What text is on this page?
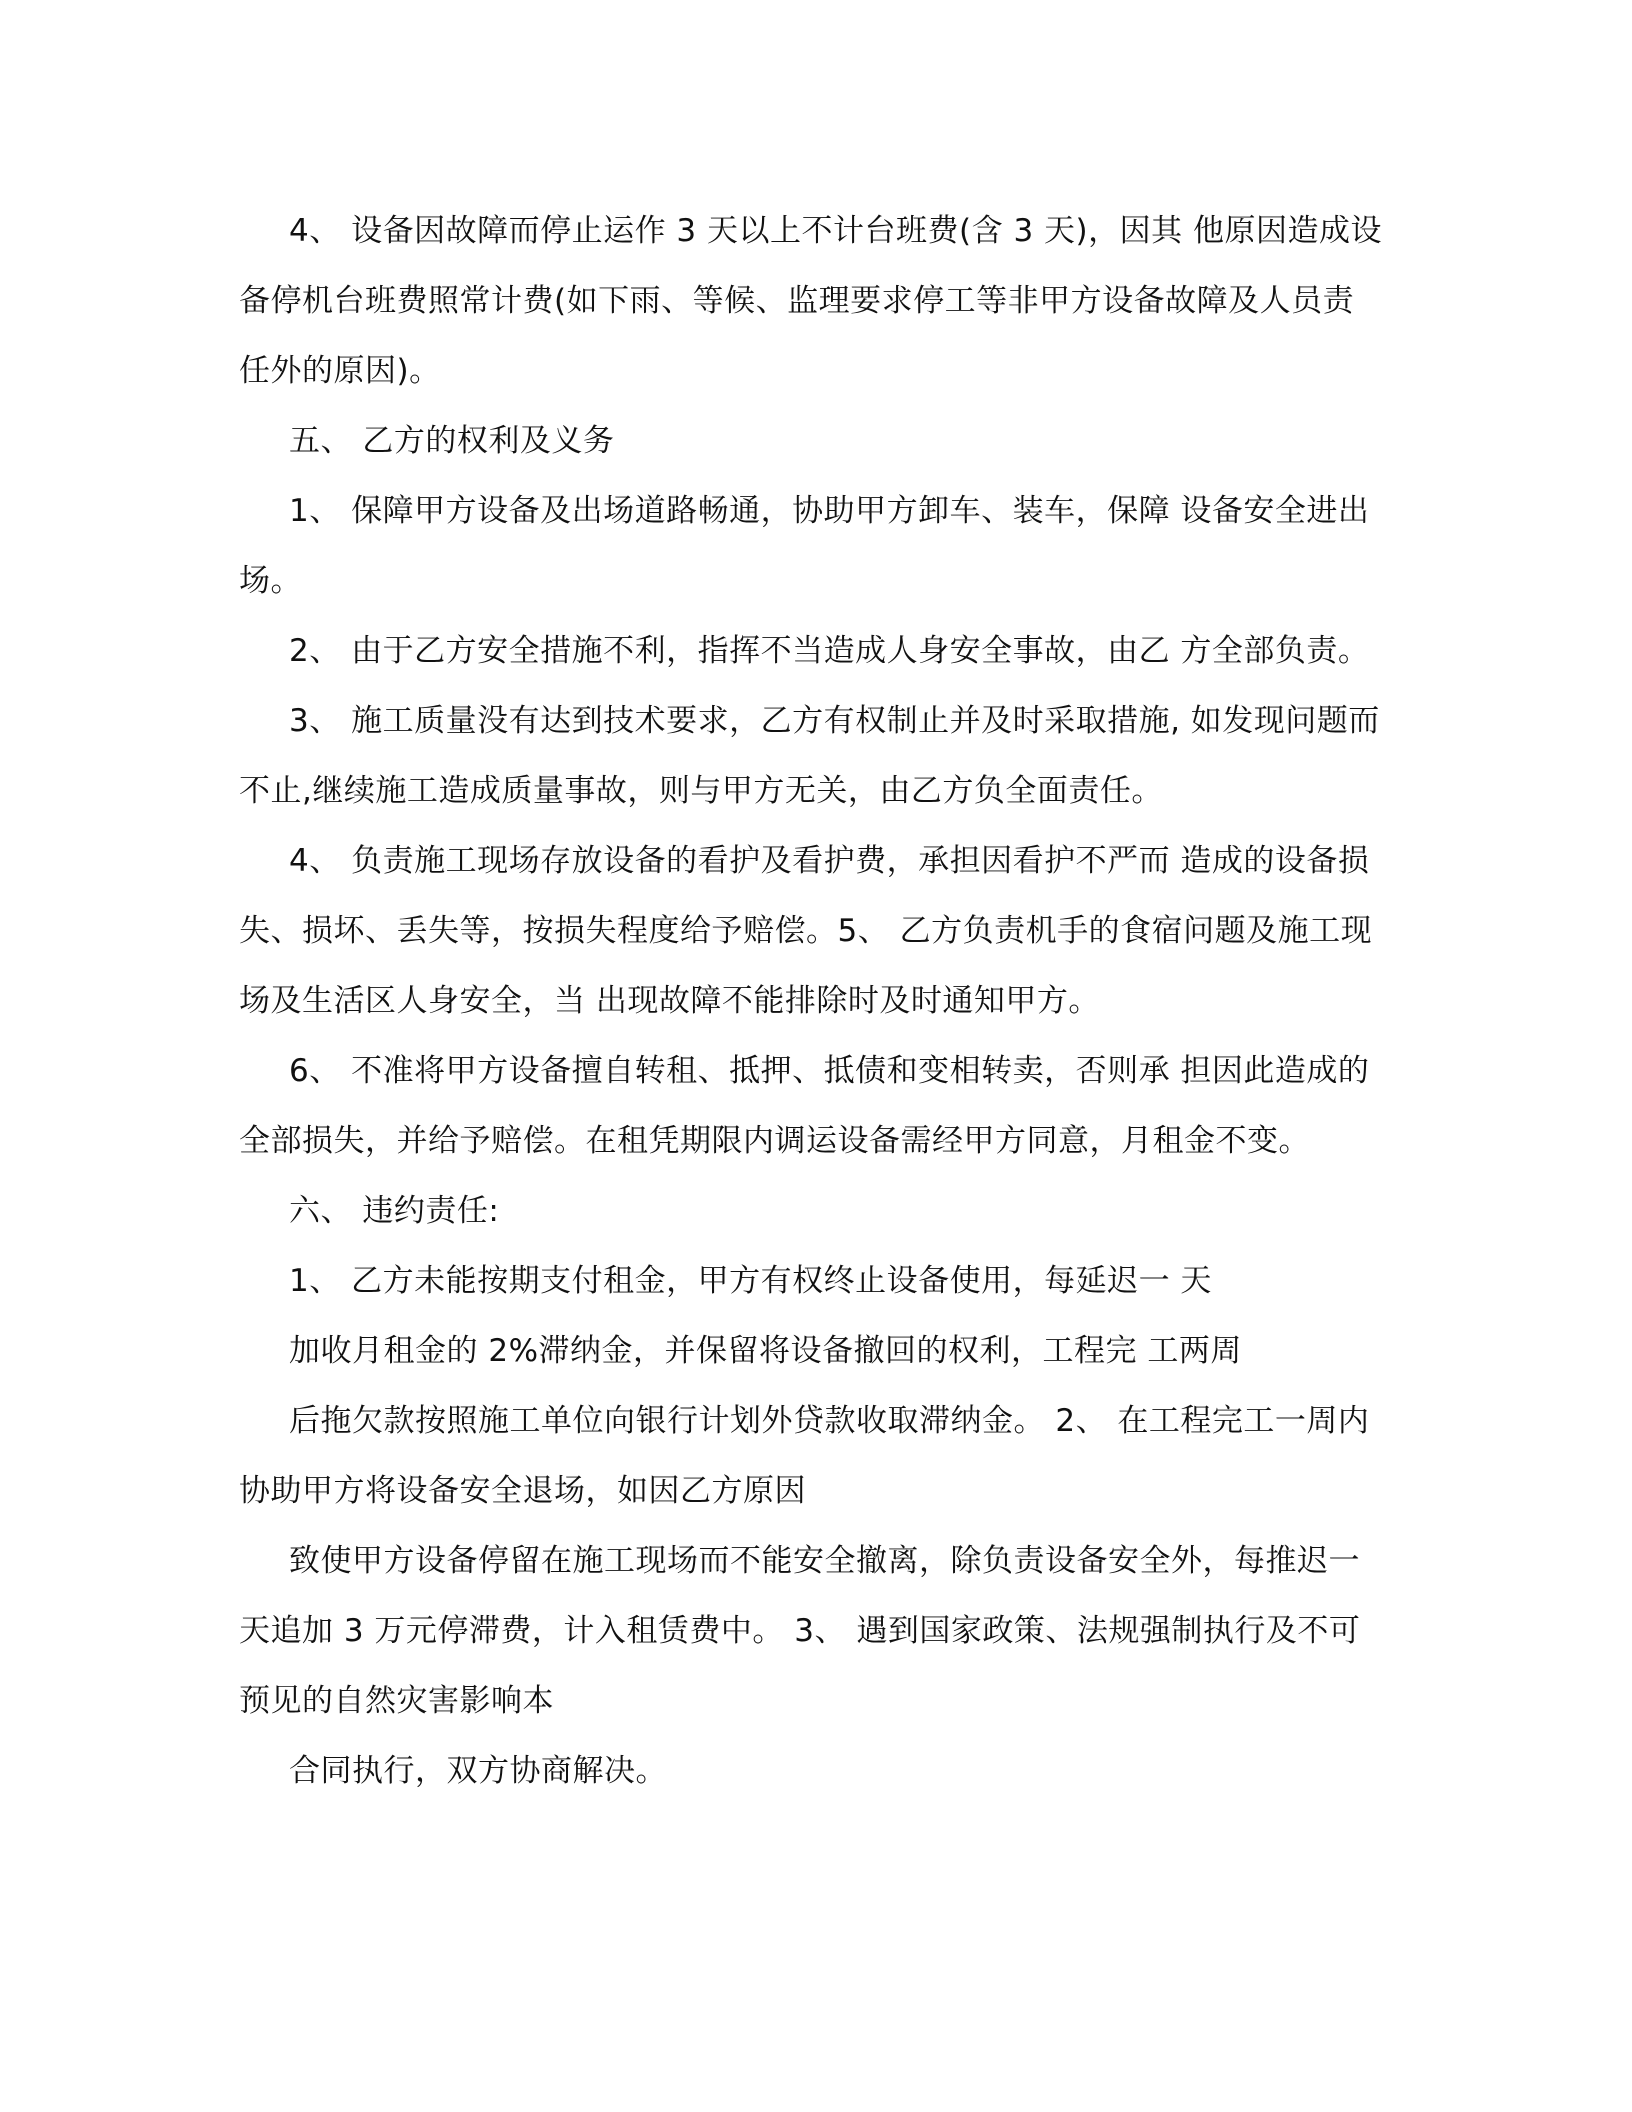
4、 设备因故障而停止运作 3 天以上不计台班费(含 3 天)，因其 他原因造成设
备停机台班费照常计费(如下雨、等候、监理要求停工等非甲方设备故障及人员责
任外的原因)。
五、 乙方的权利及义务
1、 保障甲方设备及出场道路畅通，协助甲方卸车、装车，保障 设备安全进出
场。
2、 由于乙方安全措施不利，指挥不当造成人身安全事故，由乙 方全部负责。
3、 施工质量没有达到技术要求，乙方有权制止并及时采取措施, 如发现问题而
不止,继续施工造成质量事故，则与甲方无关，由乙方负全面责任。
4、 负责施工现场存放设备的看护及看护费，承担因看护不严而 造成的设备损
失、损坏、丢失等，按损失程度给予赔偿。5、 乙方负责机手的食宿问题及施工现
场及生活区人身安全，当 出现故障不能排除时及时通知甲方。
6、 不准将甲方设备擅自转租、抵押、抵债和变相转卖，否则承 担因此造成的
全部损失，并给予赔偿。在租凭期限内调运设备需经甲方同意，月租金不变。
六、 违约责任:
1、 乙方未能按期支付租金，甲方有权终止设备使用，每延迟一 天
加收月租金的 2%滞纳金，并保留将设备撤回的权利，工程完 工两周
后拖欠款按照施工单位向银行计划外贷款收取滞纳金。 2、 在工程完工一周内
协助甲方将设备安全退场，如因乙方原因
致使甲方设备停留在施工现场而不能安全撤离，除负责设备安全外，每推迟一
天追加 3 万元停滞费，计入租赁费中。 3、 遇到国家政策、法规强制执行及不可
预见的自然灾害影响本
合同执行，双方协商解决。
